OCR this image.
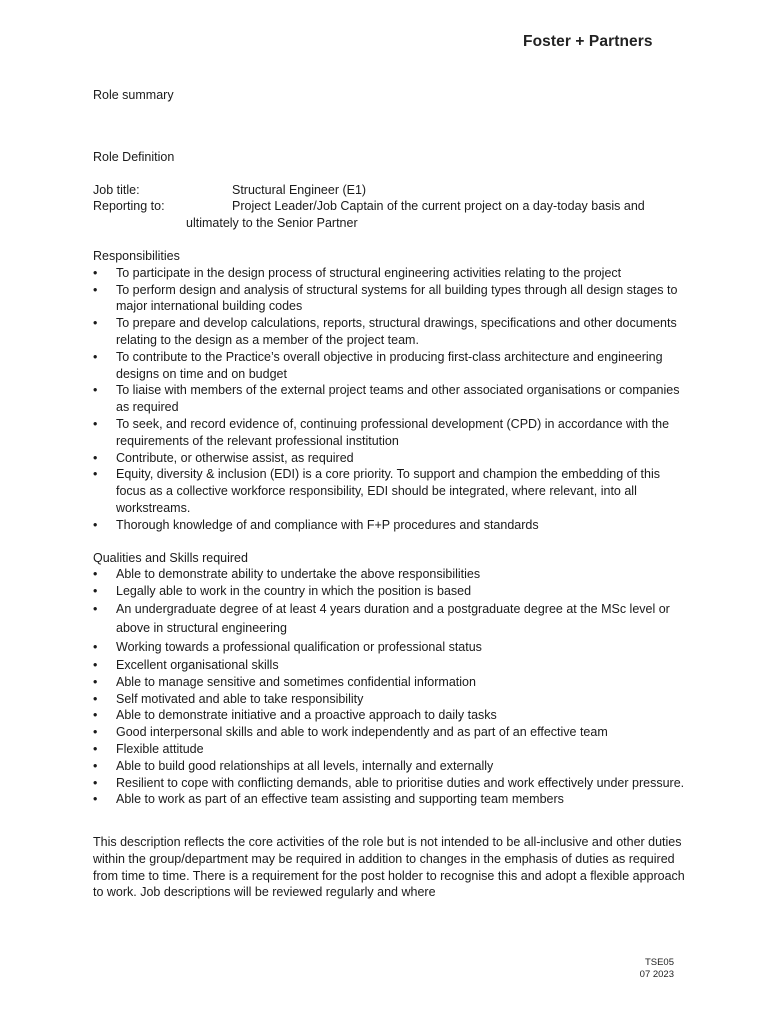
Foster + Partners

Role summary

Role Definition

Job title:	Structural Engineer (E1)
Reporting to:	Project Leader/Job Captain of the current project on a day-today basis and

ultimately to the Senior Partner

Responsibilities

•	To participate in the design process of structural engineering activities relating to the project
•	To perform design and analysis of structural systems for all building types through all design stages to major international building codes
•	To prepare and develop calculations, reports, structural drawings, specifications and other documents relating to the design as a member of the project team.
•	To contribute to the Practice’s overall objective in producing first-class architecture and engineering designs on time and on budget
•	To liaise with members of the external project teams and other associated organisations or companies as required
•	To seek, and record evidence of, continuing professional development (CPD) in accordance with the requirements of the relevant professional institution
•	Contribute, or otherwise assist, as required
•	Equity, diversity & inclusion (EDI) is a core priority. To support and champion the embedding of this focus as a collective workforce responsibility, EDI should be integrated, where relevant, into all workstreams.
•	Thorough knowledge of and compliance with F+P procedures and standards

Qualities and Skills required

•	Able to demonstrate ability to undertake the above responsibilities
•	Legally able to work in the country in which the position is based
•	An undergraduate degree of at least 4 years duration and a postgraduate degree at the MSc level or above in structural engineering
•	Working towards a professional qualification or professional status
•	Excellent organisational skills
•	Able to manage sensitive and sometimes confidential information
•	Self motivated and able to take responsibility
•	Able to demonstrate initiative and a proactive approach to daily tasks
•	Good interpersonal skills and able to work independently and as part of an effective team
•	Flexible attitude
•	Able to build good relationships at all levels, internally and externally
•	Resilient to cope with conflicting demands, able to prioritise duties and work effectively under pressure.
•	Able to work as part of an effective team assisting and supporting team members

This description reflects the core activities of the role but is not intended to be all-inclusive and other duties within the group/department may be required in addition to changes in the emphasis of duties as required from time to time. There is a requirement for the post holder to recognise this and adopt a flexible approach to work. Job descriptions will be reviewed regularly and where

TSE05
07 2023
